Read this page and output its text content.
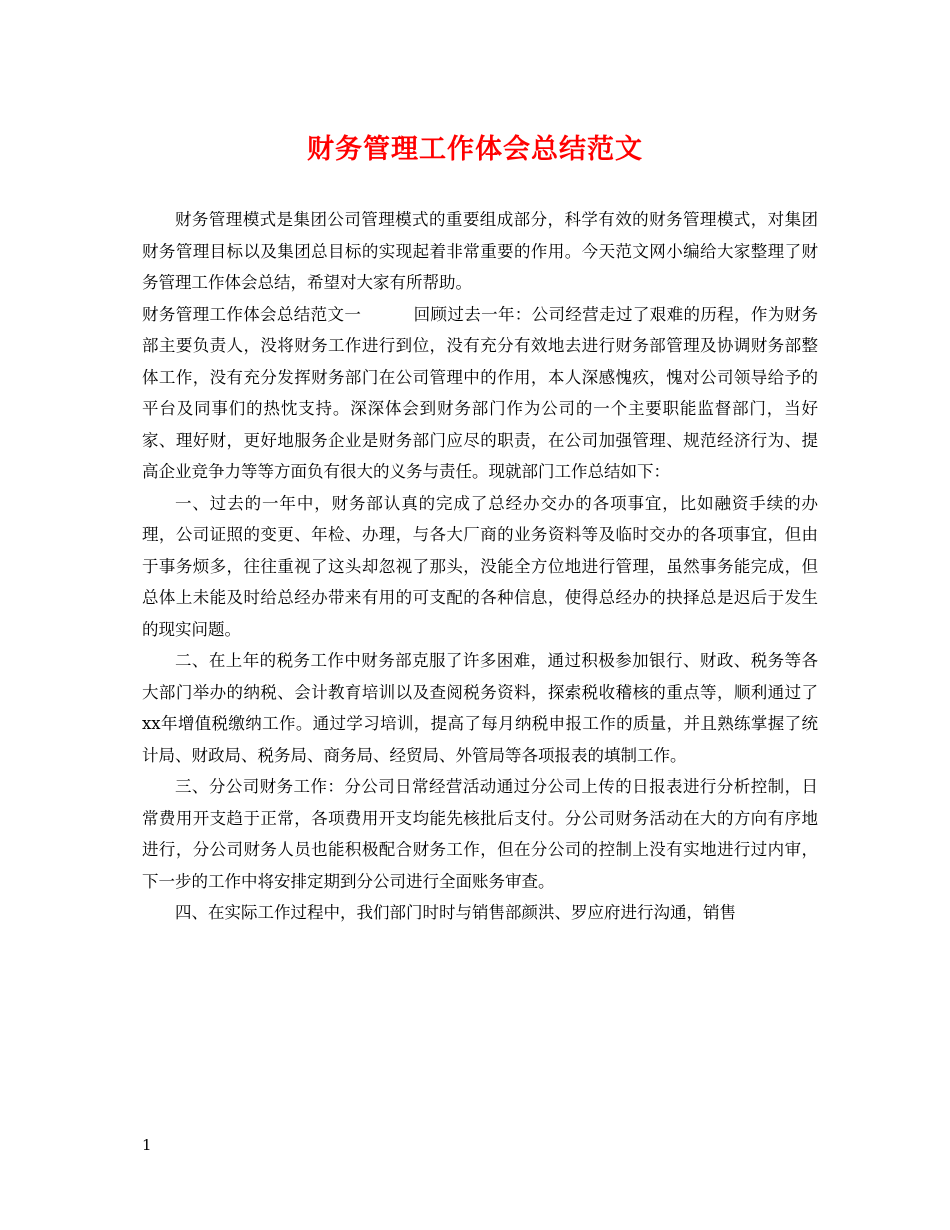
财务管理工作体会总结范文

财务管理模式是集团公司管理模式的重要组成部分，科学有效的财务管理模式，对集团财务管理目标以及集团总目标的实现起着非常重要的作用。今天范文网小编给大家整理了财务管理工作体会总结，希望对大家有所帮助。

财务管理工作体会总结范文一	回顾过去一年：公司经营走过了艰难的历程，作为财务部主要负责人，没将财务工作进行到位，没有充分有效地去进行财务部管理及协调财务部整体工作，没有充分发挥财务部门在公司管理中的作用，本人深感愧疚，愧对公司领导给予的平台及同事们的热忱支持。深深体会到财务部门作为公司的一个主要职能监督部门，当好家、理好财，更好地服务企业是财务部门应尽的职责，在公司加强管理、规范经济行为、提高企业竞争力等等方面负有很大的义务与责任。现就部门工作总结如下：

一、过去的一年中，财务部认真的完成了总经办交办的各项事宜，比如融资手续的办理，公司证照的变更、年检、办理，与各大厂商的业务资料等及临时交办的各项事宜，但由于事务烦多，往往重视了这头却忽视了那头，没能全方位地进行管理，虽然事务能完成，但总体上未能及时给总经办带来有用的可支配的各种信息，使得总经办的抉择总是迟后于发生的现实问题。

二、在上年的税务工作中财务部克服了许多困难，通过积极参加银行、财政、税务等各大部门举办的纳税、会计教育培训以及查阅税务资料，探索税收稽核的重点等，顺利通过了xx年增值税缴纳工作。通过学习培训，提高了每月纳税申报工作的质量，并且熟练掌握了统计局、财政局、税务局、商务局、经贸局、外管局等各项报表的填制工作。

三、分公司财务工作：分公司日常经营活动通过分公司上传的日报表进行分析控制，日常费用开支趋于正常，各项费用开支均能先核批后支付。分公司财务活动在大的方向有序地进行，分公司财务人员也能积极配合财务工作，但在分公司的控制上没有实地进行过内审，下一步的工作中将安排定期到分公司进行全面账务审查。

四、在实际工作过程中，我们部门时时与销售部颜洪、罗应府进行沟通，销售

1
